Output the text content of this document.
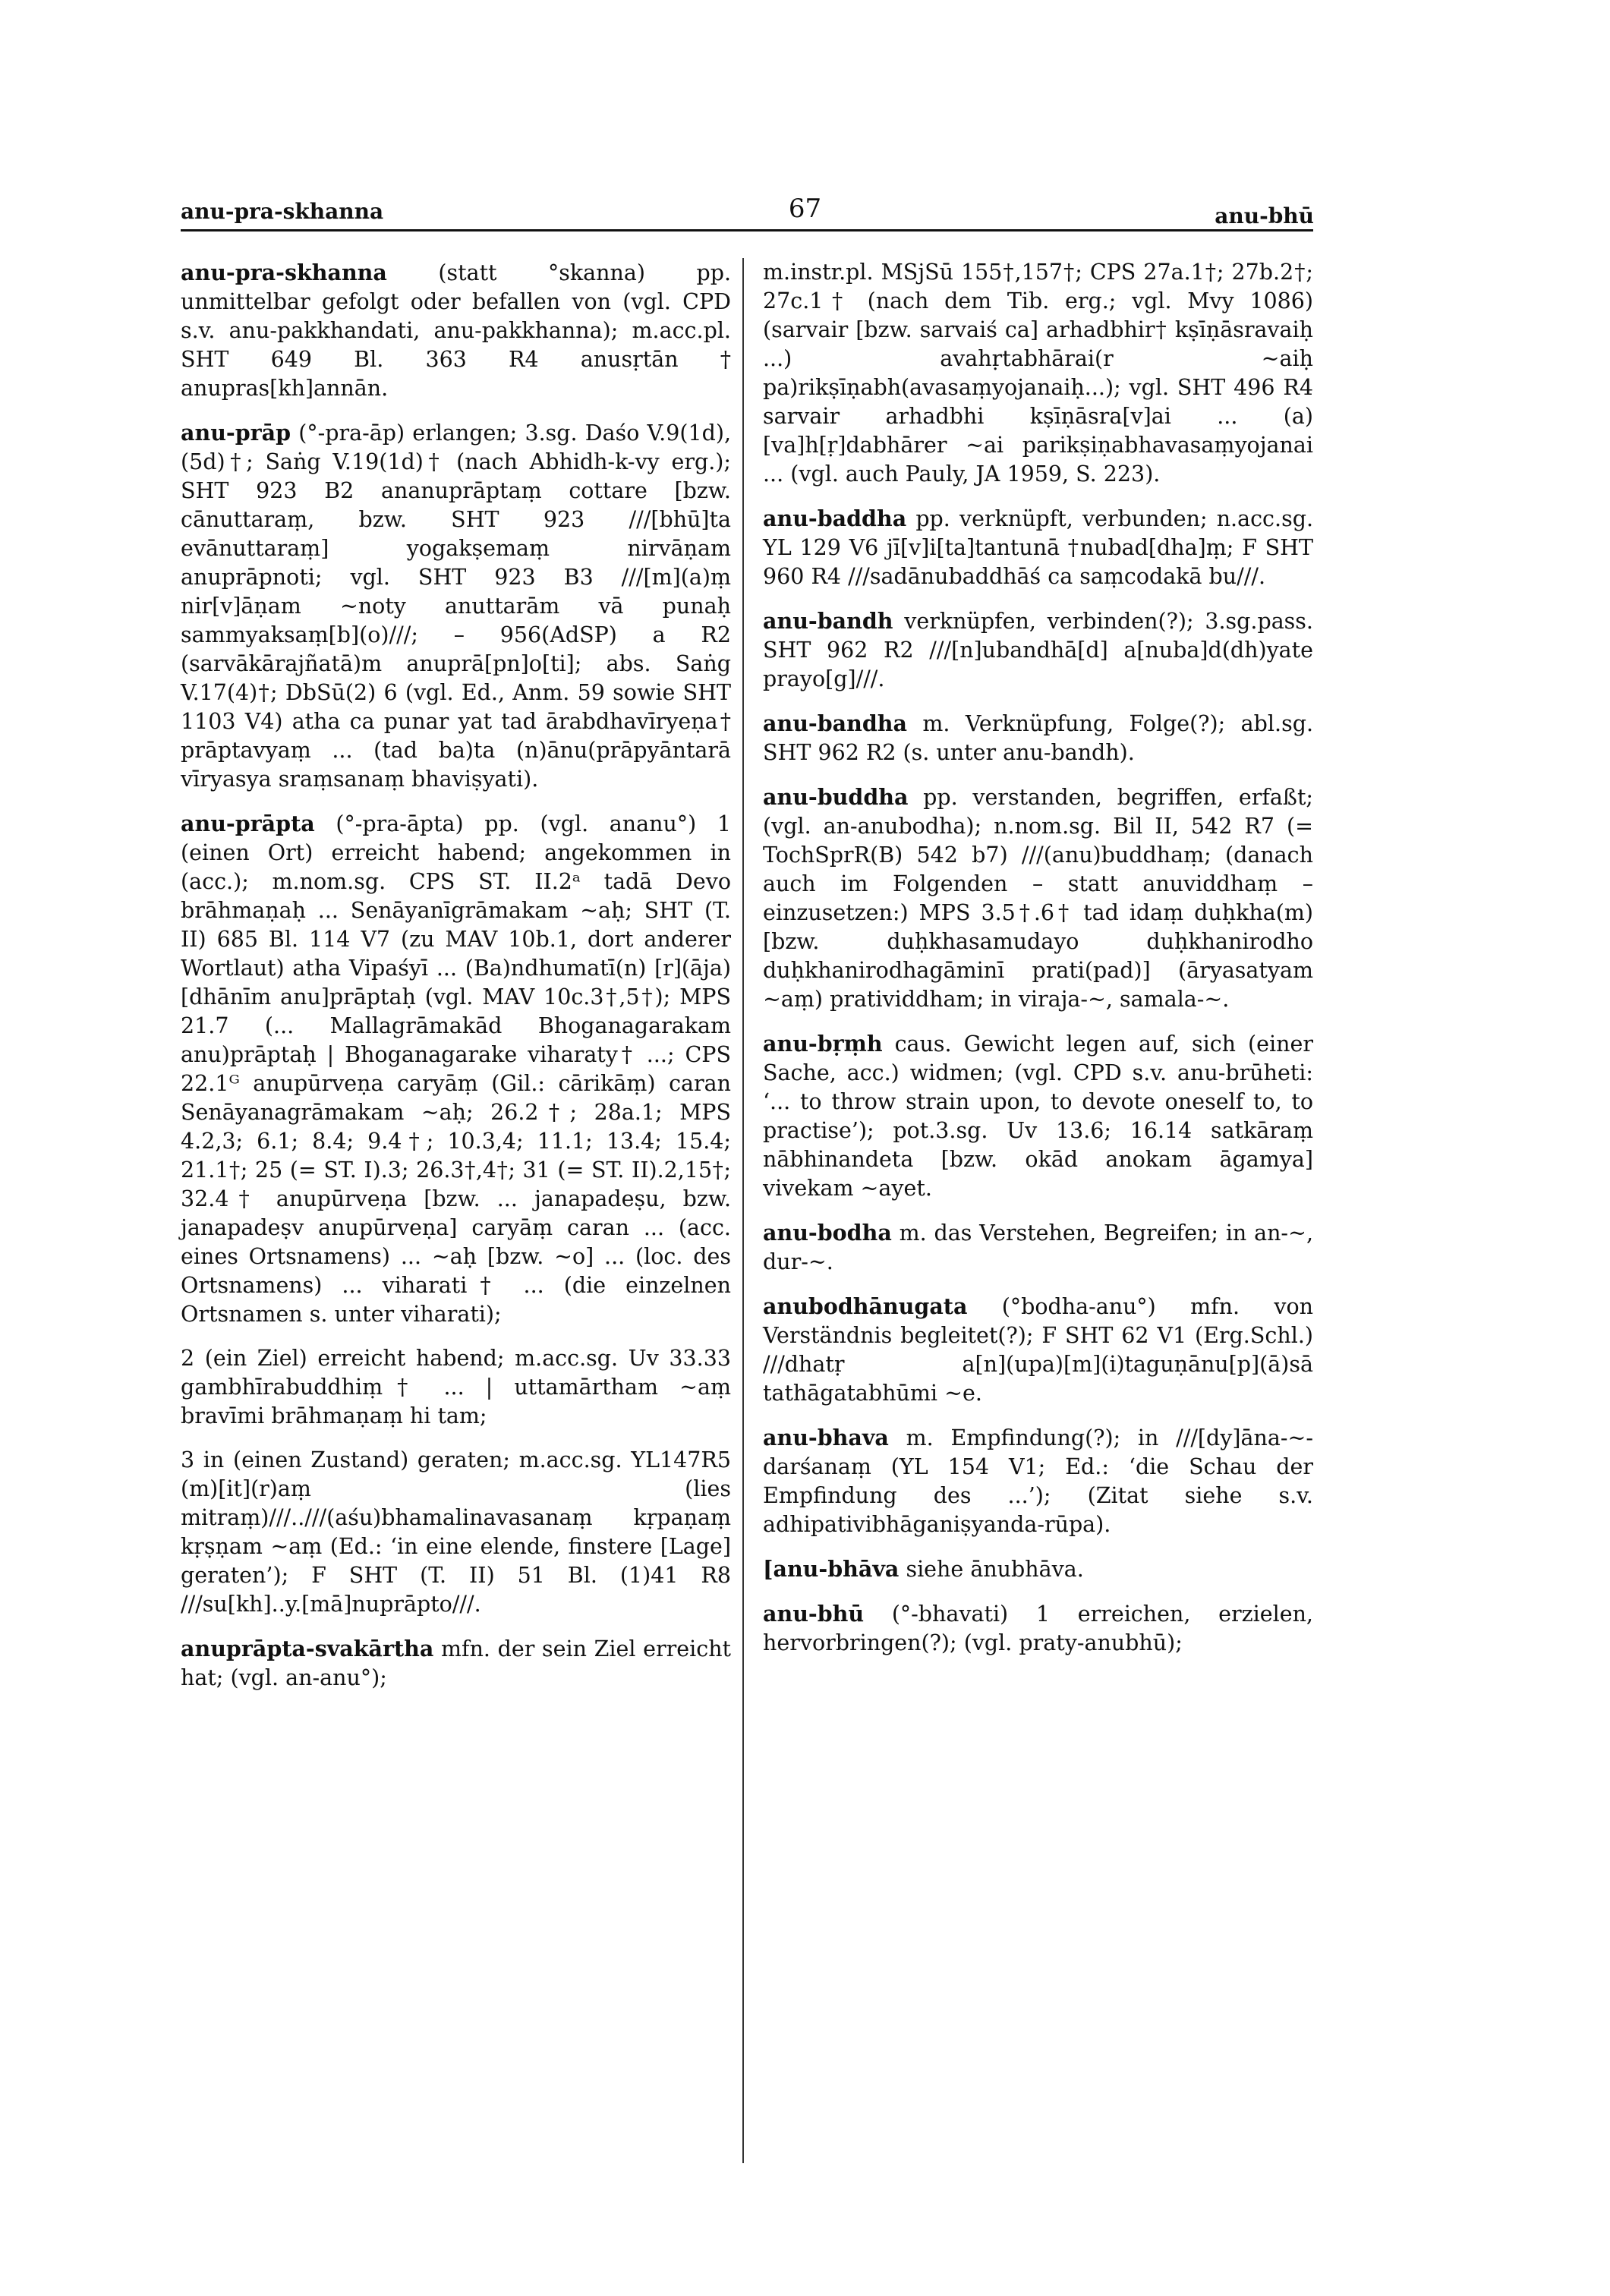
anu-pra-skhanna	67	anu-bhū

anu-pra-skhanna (statt °skanna) pp. unmittelbar gefolgt oder befallen von (vgl. CPD s.v. anu-pakkhandati, anu-pakkhanna); m.acc.pl. SHT 649 Bl. 363 R4 anusṛtān † anupras[kh]annān.

anu-prāp (°-pra-āp) erlangen; 3.sg. Daśo V.9(1d),(5d)†; Saṅg V.19(1d)† (nach Abhidh-k-vy erg.); SHT 923 B2 ananuprāptaṃ cottare [bzw. cānuttaraṃ, bzw. SHT 923 ///[bhū]ta evānuttaraṃ] yogakṣemaṃ nirvāṇam anuprāpnoti; vgl. SHT 923 B3 ///[m](a)ṃ nir[v]āṇam ~noty anuttarām vā punaḥ sammyaksaṃ[b](o)///; – 956(AdSP) a R2 (sarvākārajñatā)m anuprā[pn]o[ti]; abs. Saṅg V.17(4)†; DbSū(2) 6 (vgl. Ed., Anm. 59 sowie SHT 1103 V4) atha ca punar yat tad ārabdhavīryeṇa† prāptavyaṃ ... (tad ba)ta (n)ānu(prāpyāntarā vīryasya sraṃsanaṃ bhaviṣyati).

anu-prāpta (°-pra-āpta) pp. (vgl. ananu°) 1 (einen Ort) erreicht habend; angekommen in (acc.); m.nom.sg. CPS ST. II.2ᵃ tadā Devo brāhmaṇaḥ ... Senāyanīgrāmakam ~aḥ; SHT (T. II) 685 Bl. 114 V7 (zu MAV 10b.1, dort anderer Wortlaut) atha Vipaśyī ... (Ba)ndhumatī(n) [r](āja)[dhānīm anu]prāptaḥ (vgl. MAV 10c.3†,5†); MPS 21.7 (... Mallagrāmakād Bhoganagarakam anu)prāptaḥ | Bhoganagarake viharaty† ...; CPS 22.1ᴳ anupūrveṇa caryāṃ (Gil.: cārikāṃ) caran Senāyanagrāmakam ~aḥ; 26.2†; 28a.1; MPS 4.2,3; 6.1; 8.4; 9.4†; 10.3,4; 11.1; 13.4; 15.4; 21.1†; 25 (= ST. I).3; 26.3†,4†; 31 (= ST. II).2,15†; 32.4† anupūrveṇa [bzw. ... janapadeṣu, bzw. janapadeṣv anupūrveṇa] caryāṃ caran ... (acc. eines Ortsnamens) ... ~aḥ [bzw. ~o] ... (loc. des Ortsnamens) ... viharati† ... (die einzelnen Ortsnamen s. unter viharati);

2 (ein Ziel) erreicht habend; m.acc.sg. Uv 33.33 gambhīrabuddhiṃ† ... | uttamārtham ~aṃ bravīmi brāhmaṇaṃ hi tam;

3 in (einen Zustand) geraten; m.acc.sg. YL147R5 (m)[it](r)aṃ (lies mitraṃ)///..///(aśu)bhamalinavasanaṃ kṛpaṇaṃ kṛṣṇam ~aṃ (Ed.: ‘in eine elende, finstere [Lage] geraten’); F SHT (T. II) 51 Bl. (1)41 R8 ///su[kh]..y.[mā]nuprāpto///.

anuprāpta-svakārtha mfn. der sein Ziel erreicht hat; (vgl. an-anu°);

m.instr.pl. MSjSū 155†,157†; CPS 27a.1†; 27b.2†; 27c.1† (nach dem Tib. erg.; vgl. Mvy 1086) (sarvair [bzw. sarvaiś ca] arhadbhir† kṣīṇāsravaiḥ ...) avahṛtabhārai(r ~aiḥ pa)rikṣīṇabh(avasaṃyojanaiḥ...); vgl. SHT 496 R4 sarvair arhadbhi kṣīṇāsra[v]ai ... (a)[va]h[ṛ]dabhārer ~ai parikṣiṇabhavasaṃyojanai ... (vgl. auch Pauly, JA 1959, S. 223).

anu-baddha pp. verknüpft, verbunden; n.acc.sg. YL 129 V6 jī[v]i[ta]tantunā †nubad[dha]ṃ; F SHT 960 R4 ///sadānubaddhāś ca saṃcodakā bu///.

anu-bandh verknüpfen, verbinden(?); 3.sg.pass. SHT 962 R2 ///[n]ubandhā[d] a[nuba]d(dh)yate prayo[g]///.

anu-bandha m. Verknüpfung, Folge(?); abl.sg. SHT 962 R2 (s. unter anu-bandh).

anu-buddha pp. verstanden, begriffen, erfaßt; (vgl. an-anubodha); n.nom.sg. Bil II, 542 R7 (= TochSprR(B) 542 b7) ///(anu)buddhaṃ; (danach auch im Folgenden – statt anuviddhaṃ – einzusetzen:) MPS 3.5†.6† tad idaṃ duḥkha(m) [bzw. duḥkhasamudayo duḥkhanirodho duḥkhanirodhagāminī prati(pad)] (āryasatyam ~aṃ) pratividdham; in viraja-~, samala-~.

anu-bṛṃh caus. Gewicht legen auf, sich (einer Sache, acc.) widmen; (vgl. CPD s.v. anu-brūheti: ‘... to throw strain upon, to devote oneself to, to practise’); pot.3.sg. Uv 13.6; 16.14 satkāraṃ nābhinandeta [bzw. okād anokam āgamya] vivekam ~ayet.

anu-bodha m. das Verstehen, Begreifen; in an-~, dur-~.

anubodhānugata (°bodha-anu°) mfn. von Verständnis begleitet(?); F SHT 62 V1 (Erg.Schl.) ///dhatṛ a[n](upa)[m](i)taguṇānu[p](ā)sā tathāgatabhūmi ~e.

anu-bhava m. Empfindung(?); in ///[dy]āna-~-darśanaṃ (YL 154 V1; Ed.: ‘die Schau der Empfindung des ...’); (Zitat siehe s.v. adhipativibhāganiṣyanda-rūpa).

[anu-bhāva siehe ānubhāva.

anu-bhū (°-bhavati) 1 erreichen, erzielen, hervorbringen(?); (vgl. praty-anubhū);
